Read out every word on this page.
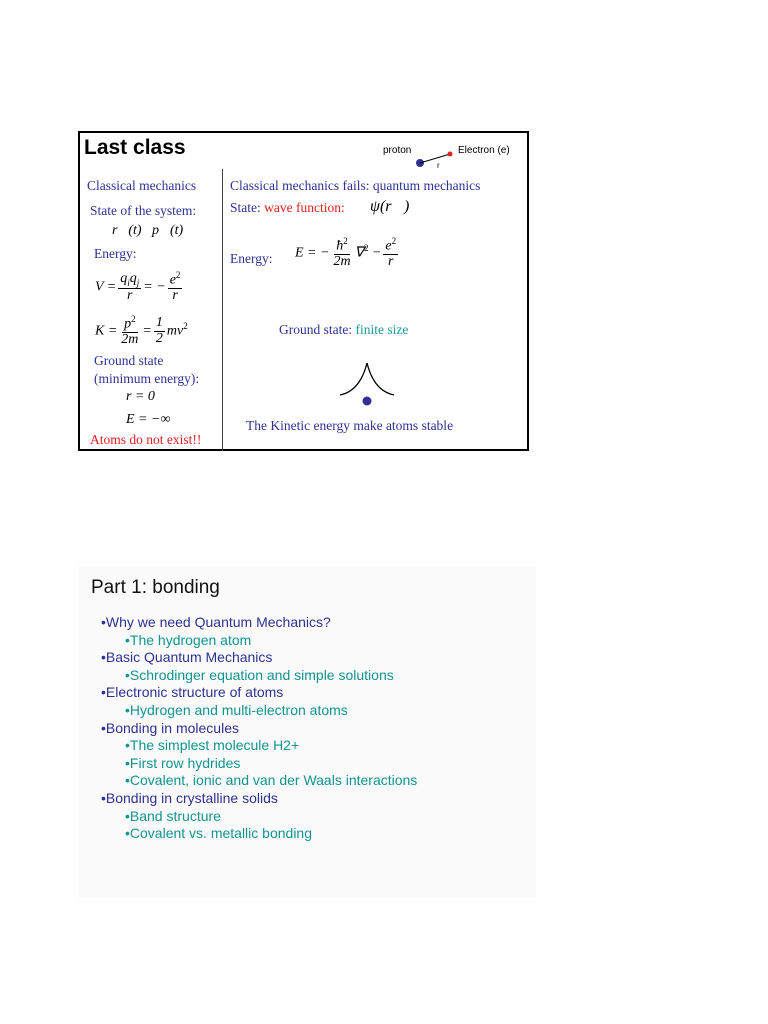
Last class	proton	Electron (e)
r
Classical mechanics
State of the system:
r⃗(t)   p⃗(t)
Energy:
$V = \frac{q_iq_j}{r}$ = − $\frac{e^2}{r}$
$K = \frac{p^2}{2m} = \frac{1}{2} mv^2$
Ground state
(minimum energy):
r = 0
E = −∞
Atoms do not exist!!
Classical mechanics fails: quantum mechanics
State: wave function: ψ(r⃗)
Energy: E = − $\frac{ħ^2}{2m} \nabla^2 - \frac{e^2}{r}$
Ground state: finite size
The Kinetic energy make atoms stable
Part 1: bonding
•Why we need Quantum Mechanics?
•The hydrogen atom
•Basic Quantum Mechanics
•Schrodinger equation and simple solutions
•Electronic structure of atoms
•Hydrogen and multi-electron atoms
•Bonding in molecules
•The simplest molecule H2+
•First row hydrides
•Covalent, ionic and van der Waals interactions
•Bonding in crystalline solids
•Band structure
•Covalent vs. metallic bonding
